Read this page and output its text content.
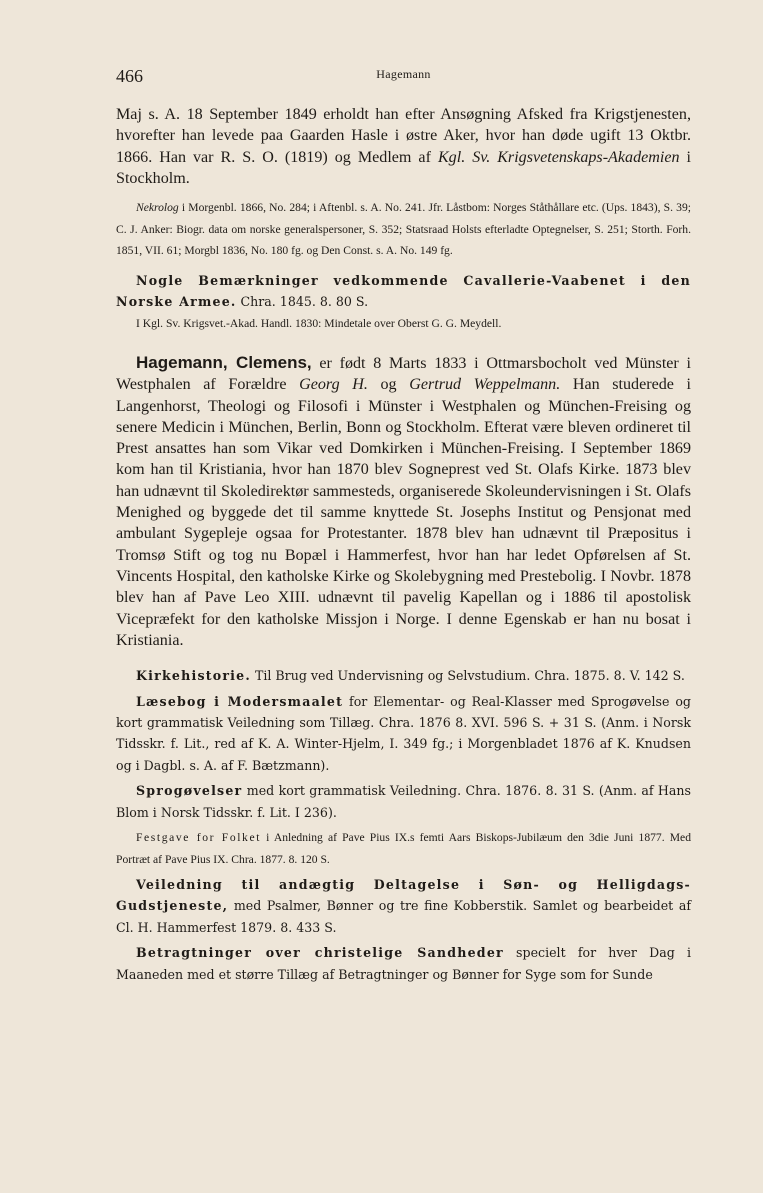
466	Hagemann

Maj s. A. 18 September 1849 erholdt han efter Ansøgning Afsked fra Krigstjenesten, hvorefter han levede paa Gaarden Hasle i østre Aker, hvor han døde ugift 13 Oktbr. 1866. Han var R. S. O. (1819) og Medlem af Kgl. Sv. Krigsvetenskaps-Akademien i Stockholm.

Nekrolog i Morgenbl. 1866, No. 284; i Aftenbl. s. A. No. 241. Jfr. Låstbom: Norges Ståthållare etc. (Ups. 1843), S. 39; C. J. Anker: Biogr. data om norske generalspersoner, S. 352; Statsraad Holsts efterladte Optegnelser, S. 251; Storth. Forh. 1851, VII. 61; Morgbl 1836, No. 180 fg. og Den Const. s. A. No. 149 fg.

Nogle Bemærkninger vedkommende Cavallerie-Vaabenet i den Norske Armee. Chra. 1845. 8. 80 S.

I Kgl. Sv. Krigsvet.-Akad. Handl. 1830: Mindetale over Oberst G. G. Meydell.

Hagemann, Clemens, er født 8 Marts 1833 i Ottmarsbocholt ved Münster i Westphalen af Forældre Georg H. og Gertrud Weppelmann. Han studerede i Langenhorst, Theologi og Filosofi i Münster i Westphalen og München-Freising og senere Medicin i München, Berlin, Bonn og Stockholm. Efterat være bleven ordineret til Prest ansattes han som Vikar ved Domkirken i München-Freising. I September 1869 kom han til Kristiania, hvor han 1870 blev Sogneprest ved St. Olafs Kirke. 1873 blev han udnævnt til Skoledirektør sammesteds, organiserede Skoleundervisningen i St. Olafs Menighed og byggede det til samme knyttede St. Josephs Institut og Pensjonat med ambulant Sygepleje ogsaa for Protestanter. 1878 blev han udnævnt til Præpositus i Tromsø Stift og tog nu Bopæl i Hammerfest, hvor han har ledet Opførelsen af St. Vincents Hospital, den katholske Kirke og Skolebygning med Prestebolig. I Novbr. 1878 blev han af Pave Leo XIII. udnævnt til pavelig Kapellan og i 1886 til apostolisk Vicepræfekt for den katholske Missjon i Norge. I denne Egenskab er han nu bosat i Kristiania.

Kirkehistorie. Til Brug ved Undervisning og Selvstudium. Chra. 1875. 8. V. 142 S.

Læsebog i Modersmaalet for Elementar- og Real-Klasser med Sprogøvelse og kort grammatisk Veiledning som Tillæg. Chra. 1876 8. XVI. 596 S. + 31 S. (Anm. i Norsk Tidsskr. f. Lit., red af K. A. Winter-Hjelm, I. 349 fg.; i Morgenbladet 1876 af K. Knudsen og i Dagbl. s. A. af F. Bætzmann).

Sprogøvelser med kort grammatisk Veiledning. Chra. 1876. 8. 31 S. (Anm. af Hans Blom i Norsk Tidsskr. f. Lit. I 236).

Festgave for Folket i Anledning af Pave Pius IX.s femti Aars Biskops-Jubilæum den 3die Juni 1877. Med Portræt af Pave Pius IX. Chra. 1877. 8. 120 S.

Veiledning til andægtig Deltagelse i Søn- og Helligdags-Gudstjeneste, med Psalmer, Bønner og tre fine Kobberstik. Samlet og bearbeidet af Cl. H. Hammerfest 1879. 8. 433 S.

Betragtninger over christelige Sandheder specielt for hver Dag i Maaneden med et større Tillæg af Betragtninger og Bønner for Syge som for Sunde
